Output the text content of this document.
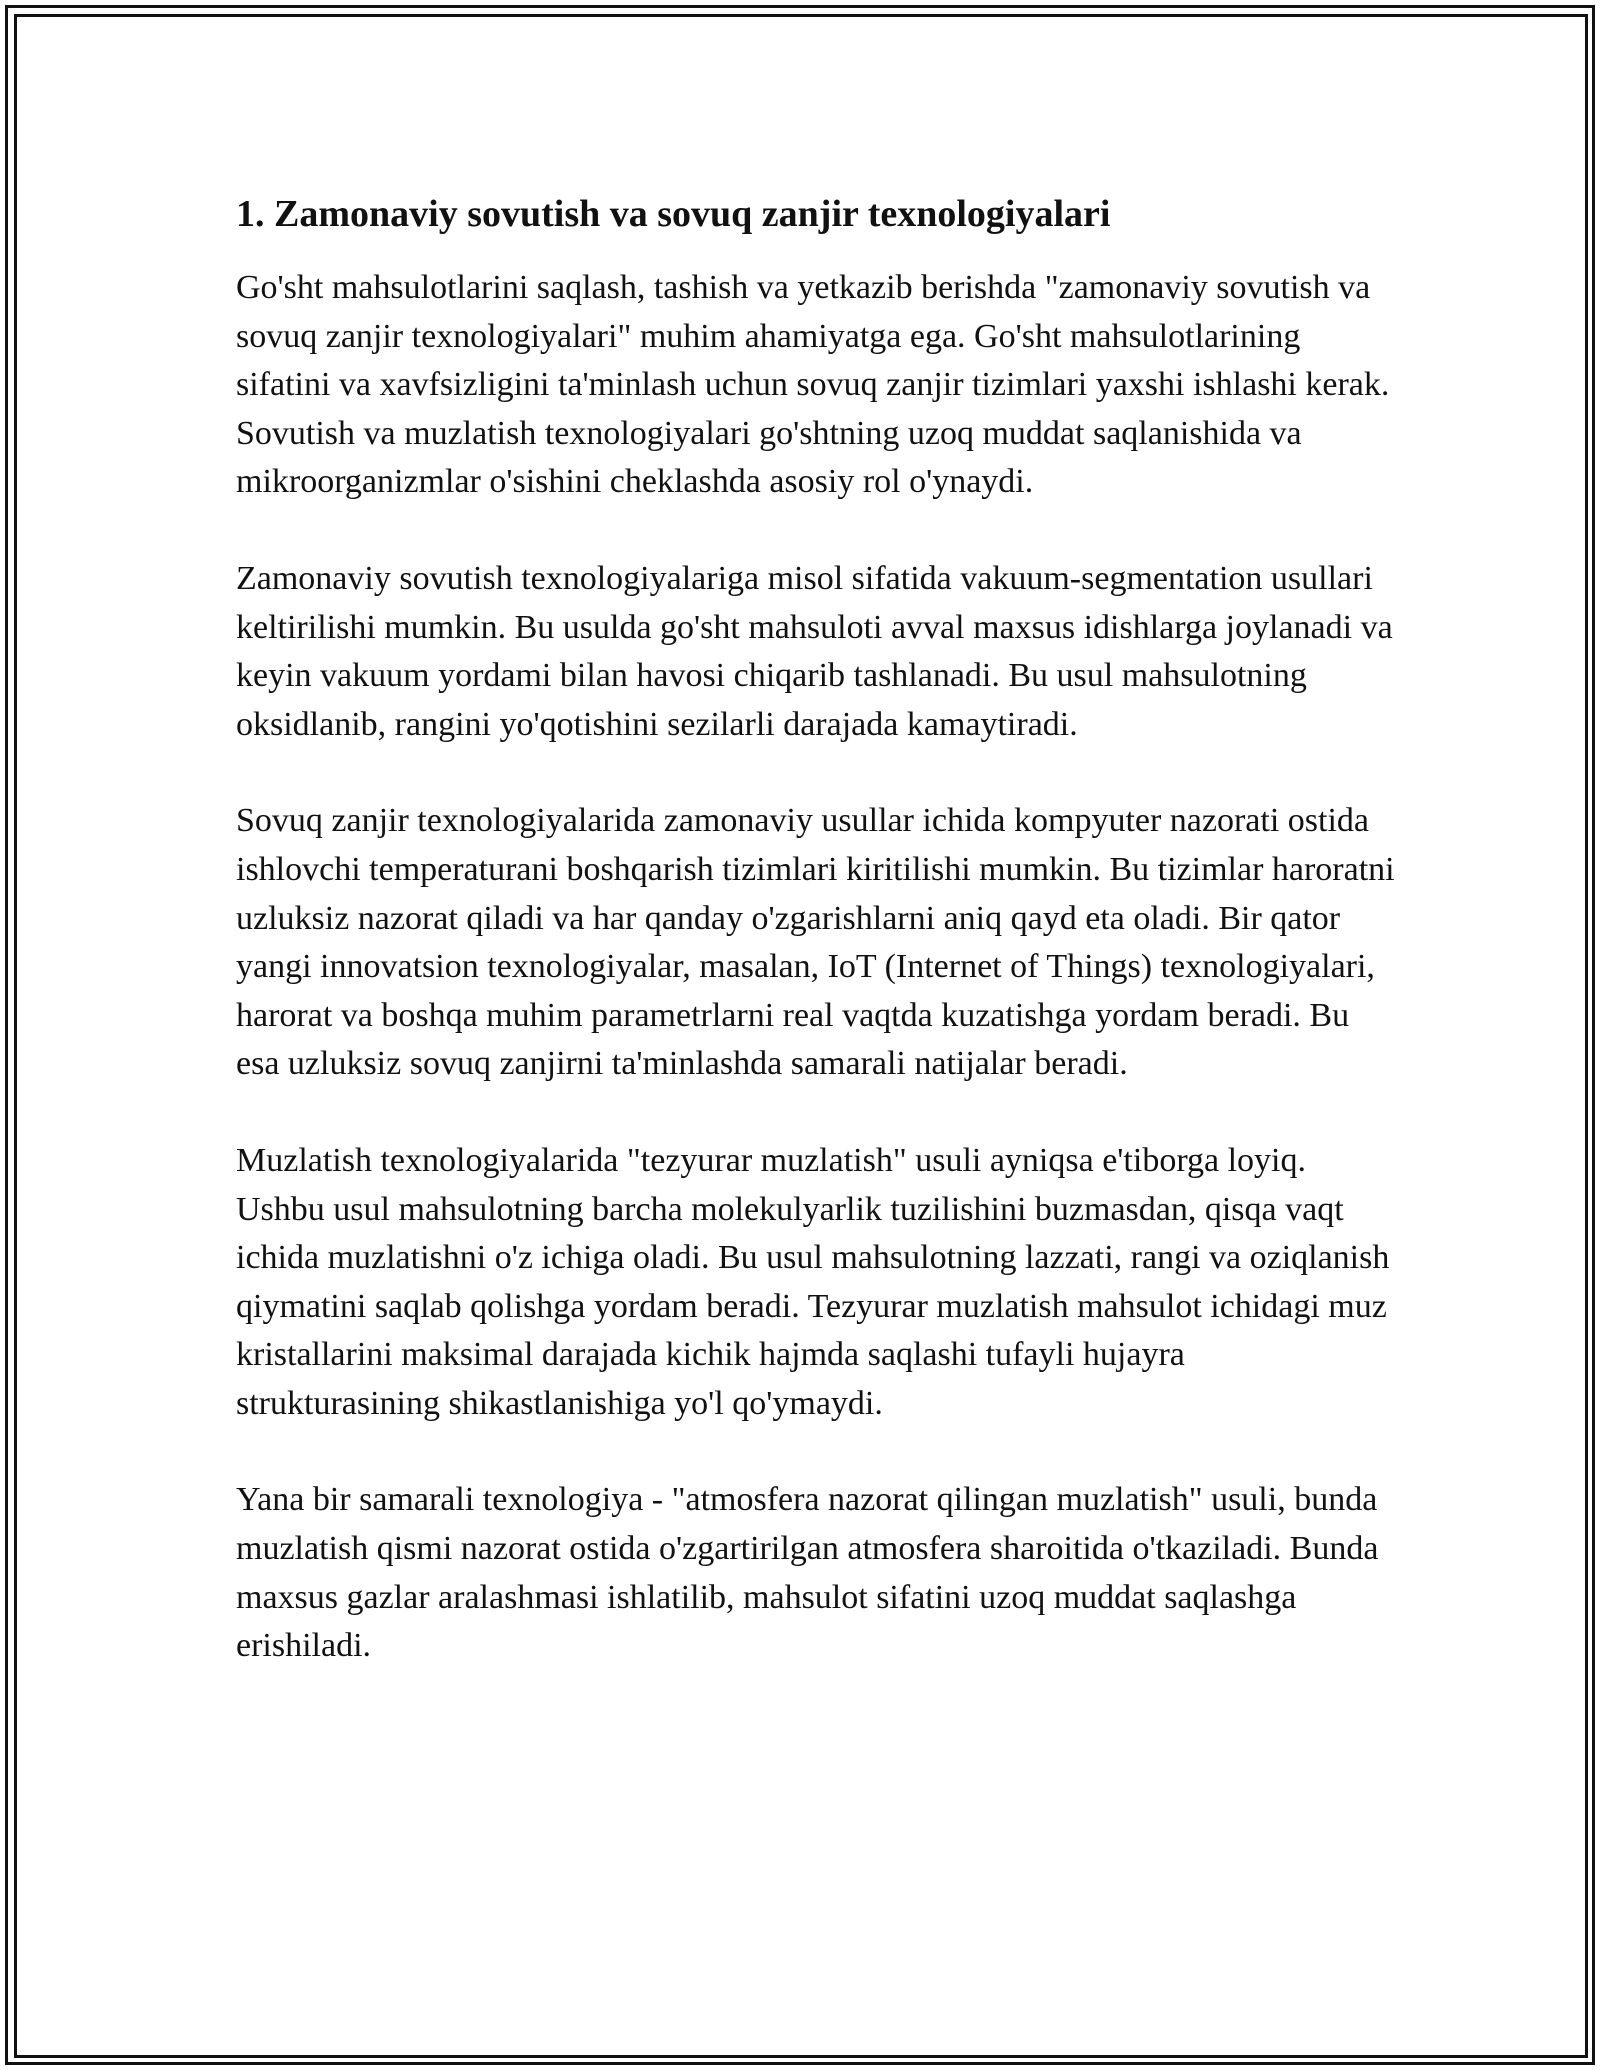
1. Zamonaviy sovutish va sovuq zanjir texnologiyalari

Go'sht mahsulotlarini saqlash, tashish va yetkazib berishda "zamonaviy sovutish va sovuq zanjir texnologiyalari" muhim ahamiyatga ega. Go'sht mahsulotlarining sifatini va xavfsizligini ta'minlash uchun sovuq zanjir tizimlari yaxshi ishlashi kerak. Sovutish va muzlatish texnologiyalari go'shtning uzoq muddat saqlanishida va mikroorganizmlar o'sishini cheklashda asosiy rol o'ynaydi.

Zamonaviy sovutish texnologiyalariga misol sifatida vakuum-segmentation usullari keltirilishi mumkin. Bu usulda go'sht mahsuloti avval maxsus idishlarga joylanadi va keyin vakuum yordami bilan havosi chiqarib tashlanadi. Bu usul mahsulotning oksidlanib, rangini yo'qotishini sezilarli darajada kamaytiradi.

Sovuq zanjir texnologiyalarida zamonaviy usullar ichida kompyuter nazorati ostida ishlovchi temperaturani boshqarish tizimlari kiritilishi mumkin. Bu tizimlar haroratni uzluksiz nazorat qiladi va har qanday o'zgarishlarni aniq qayd eta oladi. Bir qator yangi innovatsion texnologiyalar, masalan, IoT (Internet of Things) texnologiyalari, harorat va boshqa muhim parametrlarni real vaqtda kuzatishga yordam beradi. Bu esa uzluksiz sovuq zanjirni ta'minlashda samarali natijalar beradi.

Muzlatish texnologiyalarida "tezyurar muzlatish" usuli ayniqsa e'tiborga loyiq. Ushbu usul mahsulotning barcha molekulyarlik tuzilishini buzmasdan, qisqa vaqt ichida muzlatishni o'z ichiga oladi. Bu usul mahsulotning lazzati, rangi va oziqlanish qiymatini saqlab qolishga yordam beradi. Tezyurar muzlatish mahsulot ichidagi muz kristallarini maksimal darajada kichik hajmda saqlashi tufayli hujayra strukturasining shikastlanishiga yo'l qo'ymaydi.

Yana bir samarali texnologiya - "atmosfera nazorat qilingan muzlatish" usuli, bunda muzlatish qismi nazorat ostida o'zgartirilgan atmosfera sharoitida o'tkaziladi. Bunda maxsus gazlar aralashmasi ishlatilib, mahsulot sifatini uzoq muddat saqlashga erishiladi.
